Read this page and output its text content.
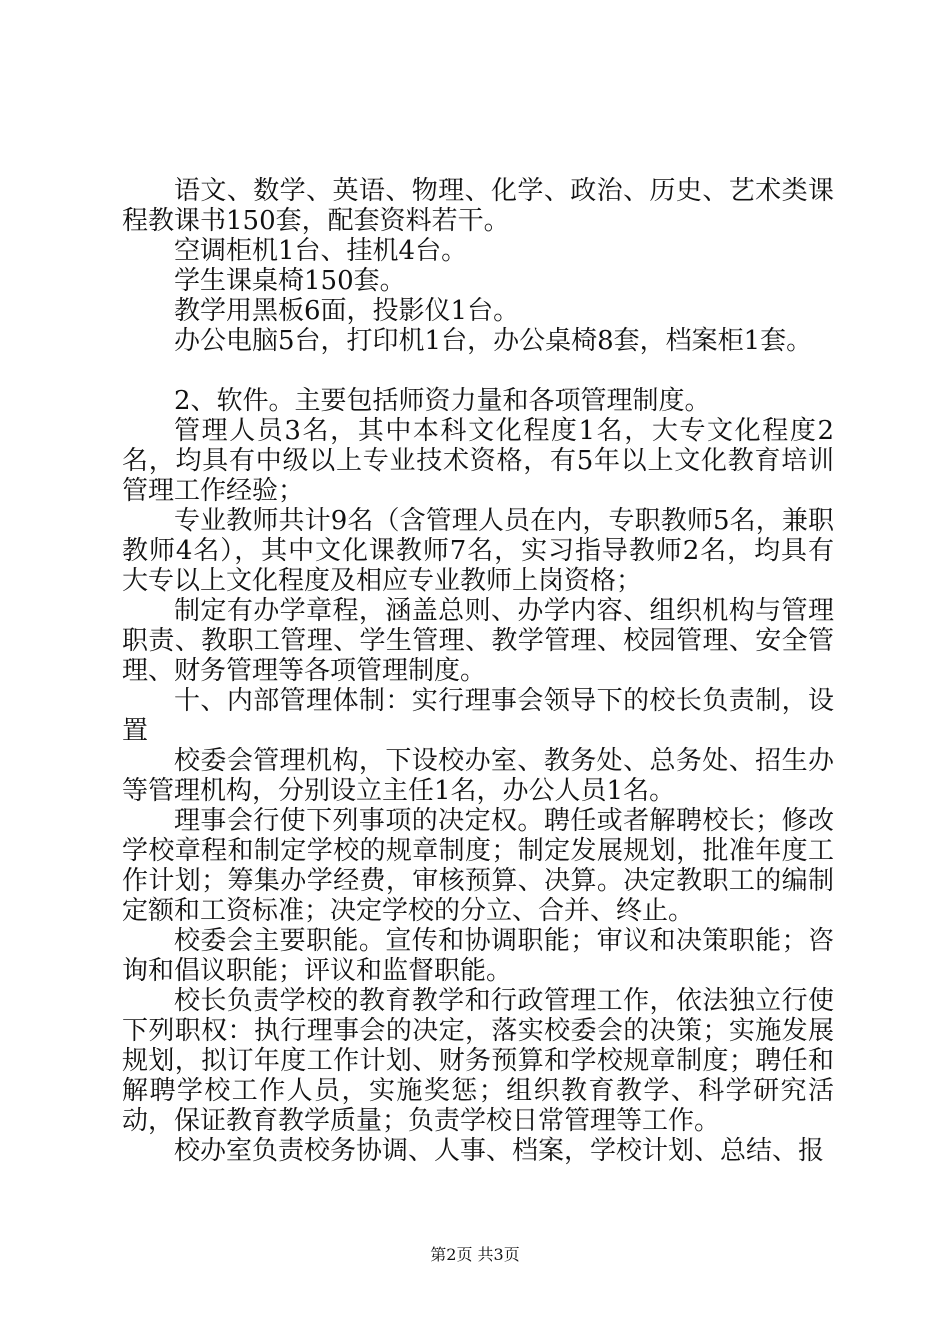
语文、数学、英语、物理、化学、政治、历史、艺术类课程教课书150套，配套资料若干。

空调柜机1台、挂机4台。

学生课桌椅150套。

教学用黑板6面，投影仪1台。

办公电脑5台，打印机1台，办公桌椅8套，档案柜1套。

2、软件。主要包括师资力量和各项管理制度。

管理人员3名，其中本科文化程度1名，大专文化程度2名，均具有中级以上专业技术资格，有5年以上文化教育培训管理工作经验；

专业教师共计9名（含管理人员在内，专职教师5名，兼职教师4名），其中文化课教师7名，实习指导教师2名，均具有大专以上文化程度及相应专业教师上岗资格；

制定有办学章程，涵盖总则、办学内容、组织机构与管理职责、教职工管理、学生管理、教学管理、校园管理、安全管理、财务管理等各项管理制度。

十、内部管理体制：实行理事会领导下的校长负责制，设置

校委会管理机构，下设校办室、教务处、总务处、招生办等管理机构，分别设立主任1名，办公人员1名。

理事会行使下列事项的决定权。聘任或者解聘校长；修改学校章程和制定学校的规章制度；制定发展规划，批准年度工作计划；筹集办学经费，审核预算、决算。决定教职工的编制定额和工资标准；决定学校的分立、合并、终止。

校委会主要职能。宣传和协调职能；审议和决策职能；咨询和倡议职能；评议和监督职能。

校长负责学校的教育教学和行政管理工作，依法独立行使下列职权：执行理事会的决定，落实校委会的决策；实施发展规划，拟订年度工作计划、财务预算和学校规章制度；聘任和解聘学校工作人员，实施奖惩；组织教育教学、科学研究活动，保证教育教学质量；负责学校日常管理等工作。

校办室负责校务协调、人事、档案，学校计划、总结、报

第2页 共3页
